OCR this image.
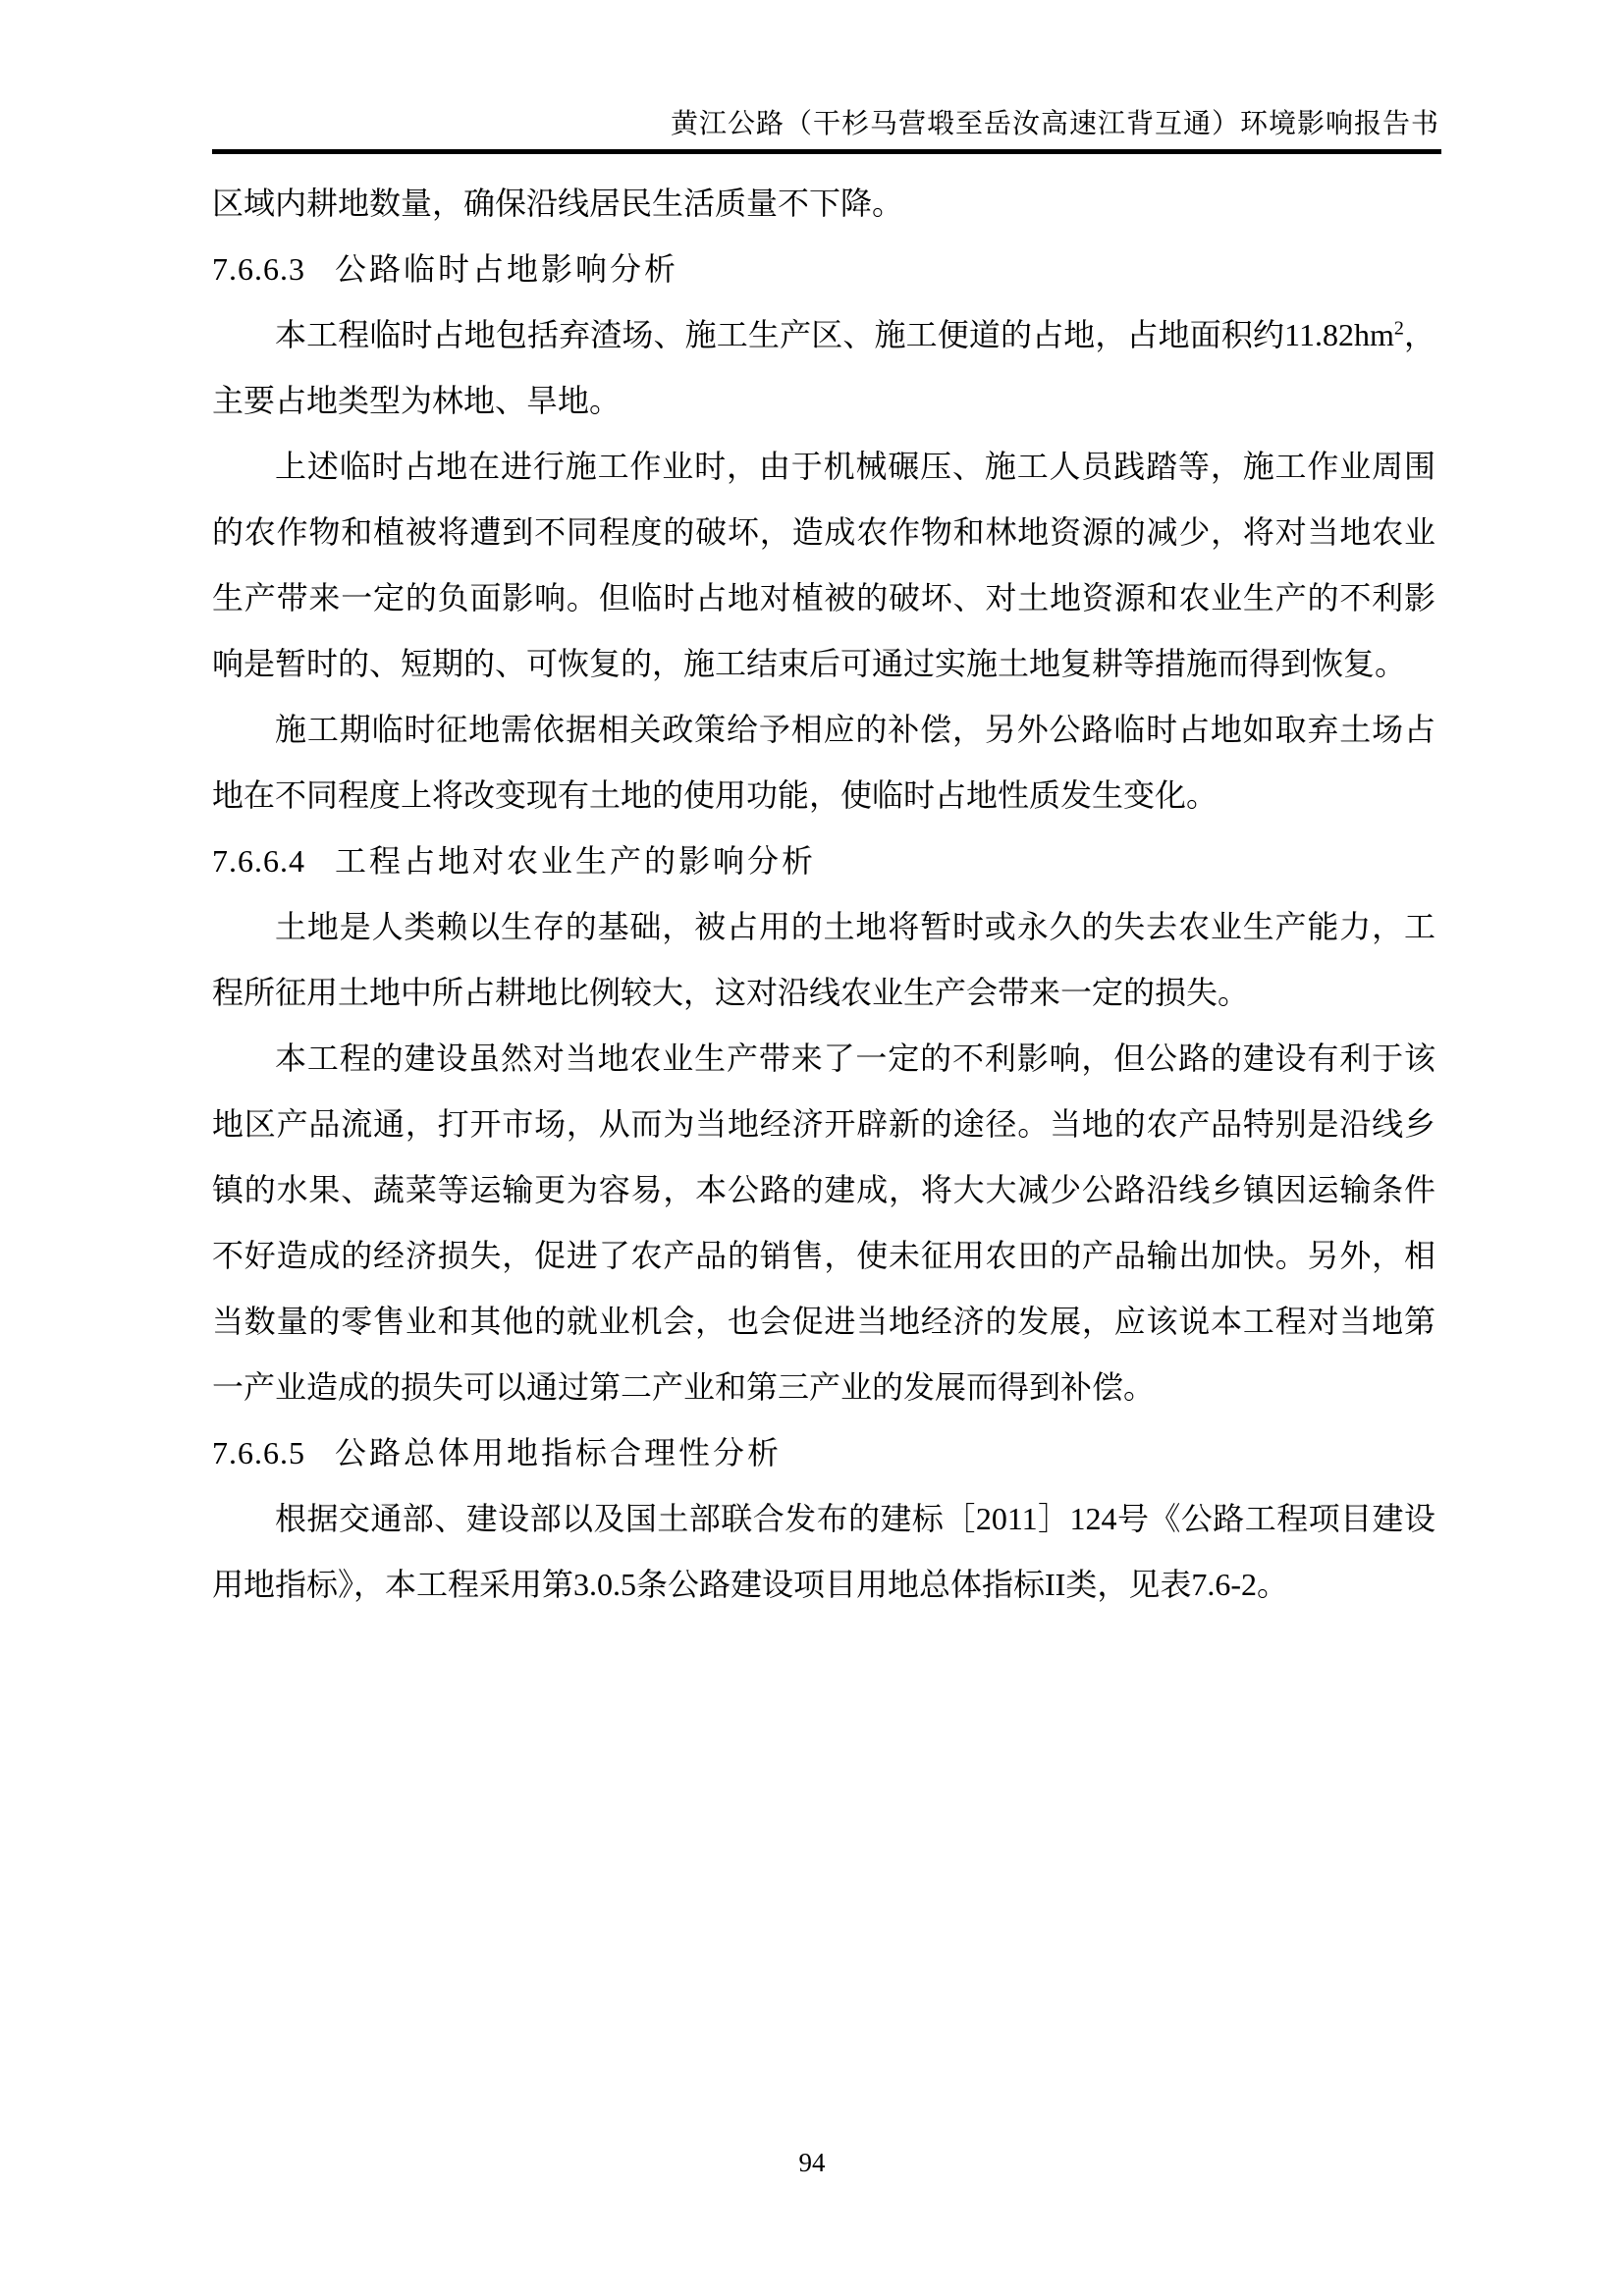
黄江公路（干杉马营塅至岳汝高速江背互通）环境影响报告书

区域内耕地数量，确保沿线居民生活质量不下降。

7.6.6.3 公路临时占地影响分析

本工程临时占地包括弃渣场、施工生产区、施工便道的占地，占地面积约$11.82hm^2$，主要占地类型为林地、旱地。

上述临时占地在进行施工作业时，由于机械碾压、施工人员践踏等，施工作业周围的农作物和植被将遭到不同程度的破坏，造成农作物和林地资源的减少，将对当地农业生产带来一定的负面影响。但临时占地对植被的破坏、对土地资源和农业生产的不利影响是暂时的、短期的、可恢复的，施工结束后可通过实施土地复耕等措施而得到恢复。

施工期临时征地需依据相关政策给予相应的补偿，另外公路临时占地如取弃土场占地在不同程度上将改变现有土地的使用功能，使临时占地性质发生变化。

7.6.6.4 工程占地对农业生产的影响分析

土地是人类赖以生存的基础，被占用的土地将暂时或永久的失去农业生产能力，工程所征用土地中所占耕地比例较大，这对沿线农业生产会带来一定的损失。

本工程的建设虽然对当地农业生产带来了一定的不利影响，但公路的建设有利于该地区产品流通，打开市场，从而为当地经济开辟新的途径。当地的农产品特别是沿线乡镇的水果、蔬菜等运输更为容易，本公路的建成，将大大减少公路沿线乡镇因运输条件不好造成的经济损失，促进了农产品的销售，使未征用农田的产品输出加快。另外，相当数量的零售业和其他的就业机会，也会促进当地经济的发展，应该说本工程对当地第一产业造成的损失可以通过第二产业和第三产业的发展而得到补偿。

7.6.6.5 公路总体用地指标合理性分析

根据交通部、建设部以及国土部联合发布的建标［2011］124号《公路工程项目建设用地指标》，本工程采用第3.0.5条公路建设项目用地总体指标II类，见表7.6-2。

94
